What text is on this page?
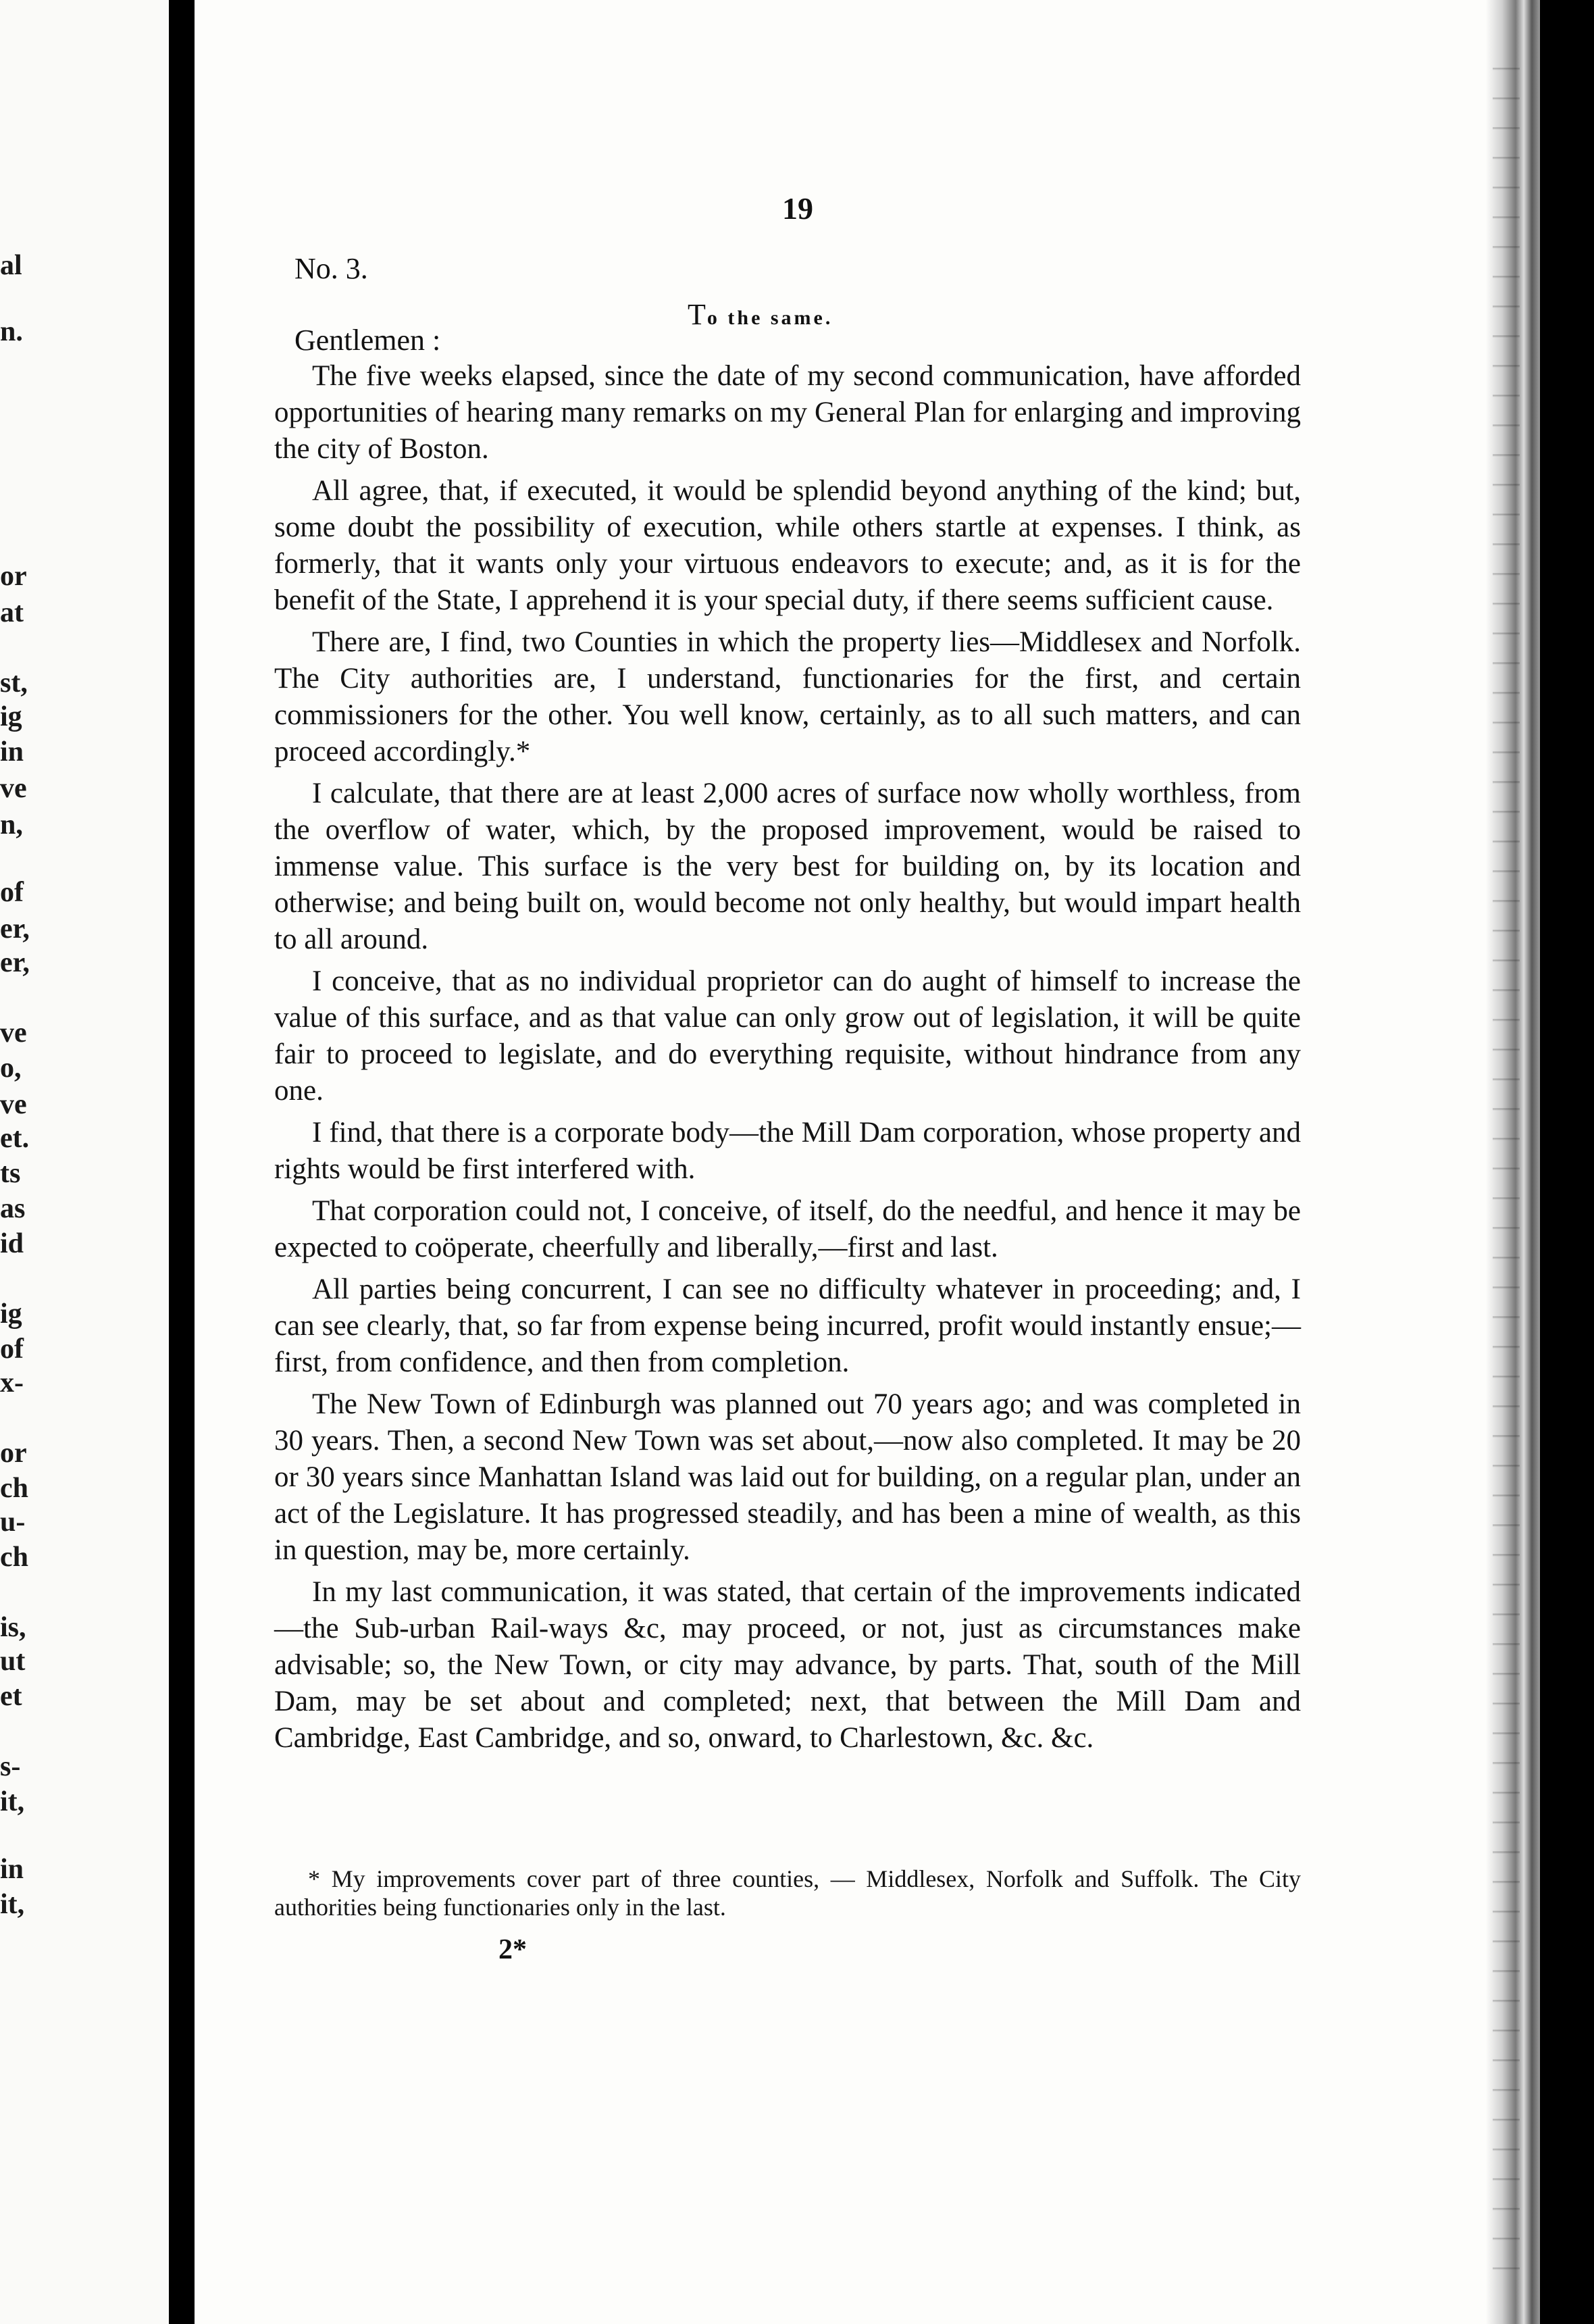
al
n.
or
at
st,
ig
in
ve
n,
of
er,
er,
ve
o,
ve
et.
ts
as
id
ig
of
x-
or
ch
u-
ch
is,
ut
et
s-
it,
in
it,
19
No. 3.
To the same.
Gentlemen :

The five weeks elapsed, since the date of my second communication, have afforded opportunities of hearing many remarks on my General Plan for enlarging and improving the city of Boston.

All agree, that, if executed, it would be splendid beyond anything of the kind; but, some doubt the possibility of execution, while others startle at expenses. I think, as formerly, that it wants only your virtuous endeavors to execute; and, as it is for the benefit of the State, I apprehend it is your special duty, if there seems sufficient cause.

There are, I find, two Counties in which the property lies—Middlesex and Norfolk. The City authorities are, I understand, functionaries for the first, and certain commissioners for the other. You well know, certainly, as to all such matters, and can proceed accordingly.*

I calculate, that there are at least 2,000 acres of surface now wholly worthless, from the overflow of water, which, by the proposed improvement, would be raised to immense value. This surface is the very best for building on, by its location and otherwise; and being built on, would become not only healthy, but would impart health to all around.

I conceive, that as no individual proprietor can do aught of himself to increase the value of this surface, and as that value can only grow out of legislation, it will be quite fair to proceed to legislate, and do everything requisite, without hindrance from any one.

I find, that there is a corporate body—the Mill Dam corporation, whose property and rights would be first interfered with.

That corporation could not, I conceive, of itself, do the needful, and hence it may be expected to coöperate, cheerfully and liberally,—first and last.

All parties being concurrent, I can see no difficulty whatever in proceeding; and, I can see clearly, that, so far from expense being incurred, profit would instantly ensue;—first, from confidence, and then from completion.

The New Town of Edinburgh was planned out 70 years ago; and was completed in 30 years. Then, a second New Town was set about,—now also completed. It may be 20 or 30 years since Manhattan Island was laid out for building, on a regular plan, under an act of the Legislature. It has progressed steadily, and has been a mine of wealth, as this in question, may be, more certainly.

In my last communication, it was stated, that certain of the improvements indicated—the Sub-urban Rail-ways &c, may proceed, or not, just as circumstances make advisable; so, the New Town, or city may advance, by parts. That, south of the Mill Dam, may be set about and completed; next, that between the Mill Dam and Cambridge, East Cambridge, and so, onward, to Charlestown, &c. &c.

* My improvements cover part of three counties, — Middlesex, Norfolk and Suffolk. The City authorities being functionaries only in the last.
2*
